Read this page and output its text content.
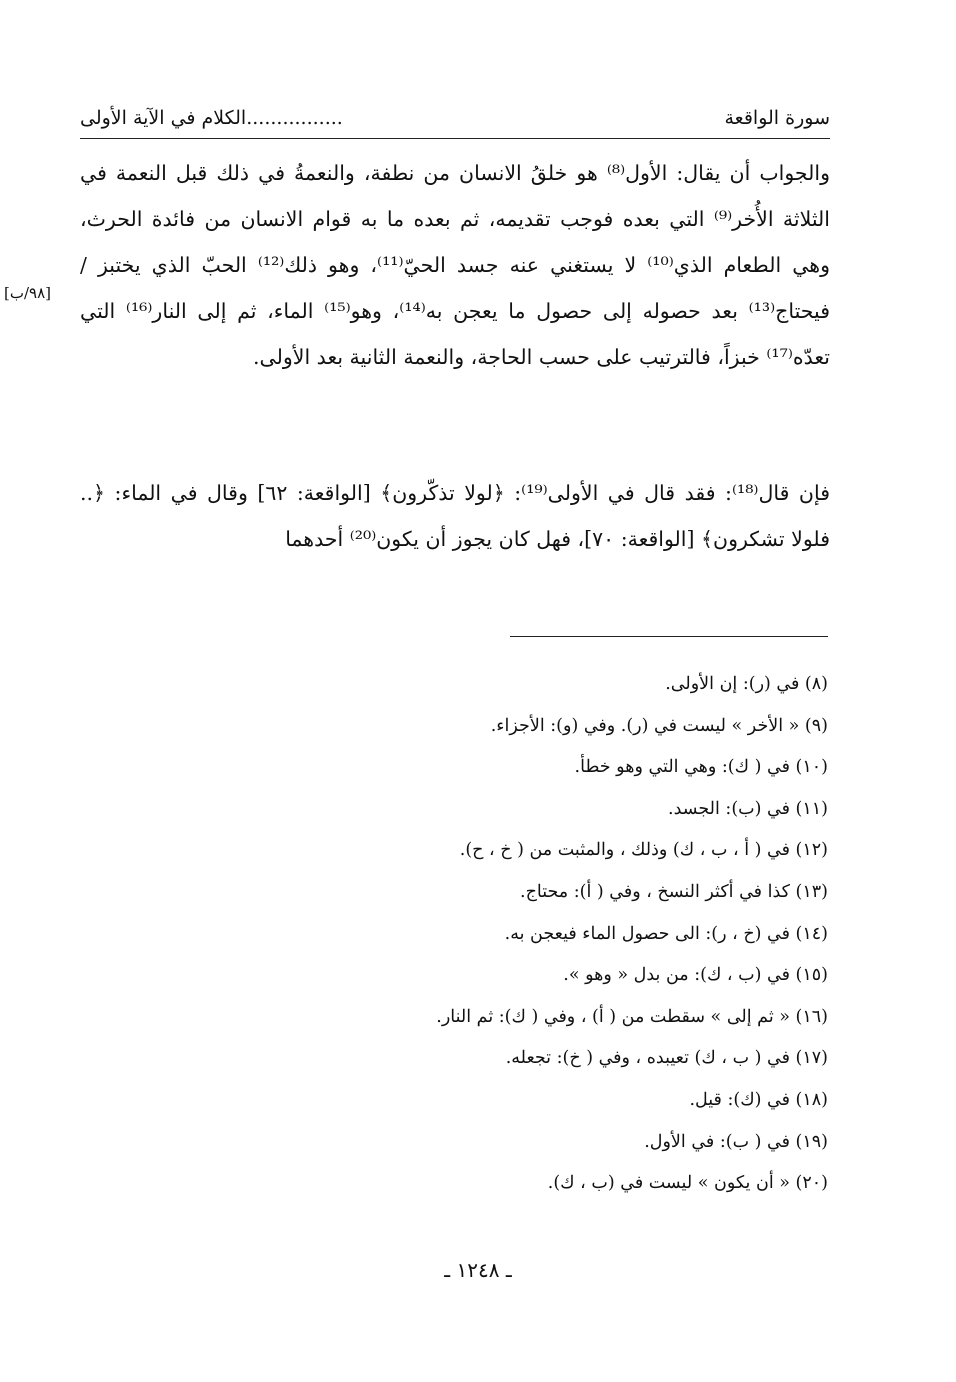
سورة الواقعة
................الكلام في الآية الأولى
[٩٨/ب]

والجواب أن يقال: الأول⁽⁸⁾ هو خلقُ الانسان من نطفة، والنعمةُ في ذلك قبل النعمة في الثلاثة الأُخر⁽⁹⁾ التي بعده فوجب تقديمه، ثم بعده ما به قوام الانسان من فائدة الحرث، وهي الطعام الذي⁽¹⁰⁾ لا يستغني عنه جسد الحيّ⁽¹¹⁾، وهو ذلك⁽¹²⁾ الحبّ الذي يختبز / فيحتاج⁽¹³⁾ بعد حصوله إلى حصول ما يعجن به⁽¹⁴⁾، وهو⁽¹⁵⁾ الماء، ثم إلى النار⁽¹⁶⁾ التي تعدّه⁽¹⁷⁾ خبزاً، فالترتيب على حسب الحاجة، والنعمة الثانية بعد الأولى.

فإن قال⁽¹⁸⁾: فقد قال في الأولى⁽¹⁹⁾: ﴿لولا تذكّرون﴾ [الواقعة: ٦٢] وقال في الماء: ﴿.. فلولا تشكرون﴾ [الواقعة: ٧٠]، فهل كان يجوز أن يكون⁽²⁰⁾ أحدهما

(٨) في (ر): إن الأولى.
(٩) « الأخر » ليست في (ر). وفي (و): الأجزاء.
(١٠) في ( ك): وهي التي وهو خطأ.
(١١) في (ب): الجسد.
(١٢) في ( أ ، ب ، ك) وذلك ، والمثبت من ( خ ، ح).
(١٣) كذا في أكثر النسخ ، وفي ( أ): محتاج.
(١٤) في (خ ، ر): الى حصول الماء فيعجن به.
(١٥) في (ب ، ك): من بدل « وهو ».
(١٦) « ثم إلى » سقطت من ( أ) ، وفي ( ك): ثم النار.
(١٧) في ( ب ، ك) تعيبده ، وفي ( خ): تجعله.
(١٨) في (ك): قيل.
(١٩) في ( ب): في الأول.
(٢٠) « أن يكون » ليست في (ب ، ك).
ـ ١٢٤٨ ـ
